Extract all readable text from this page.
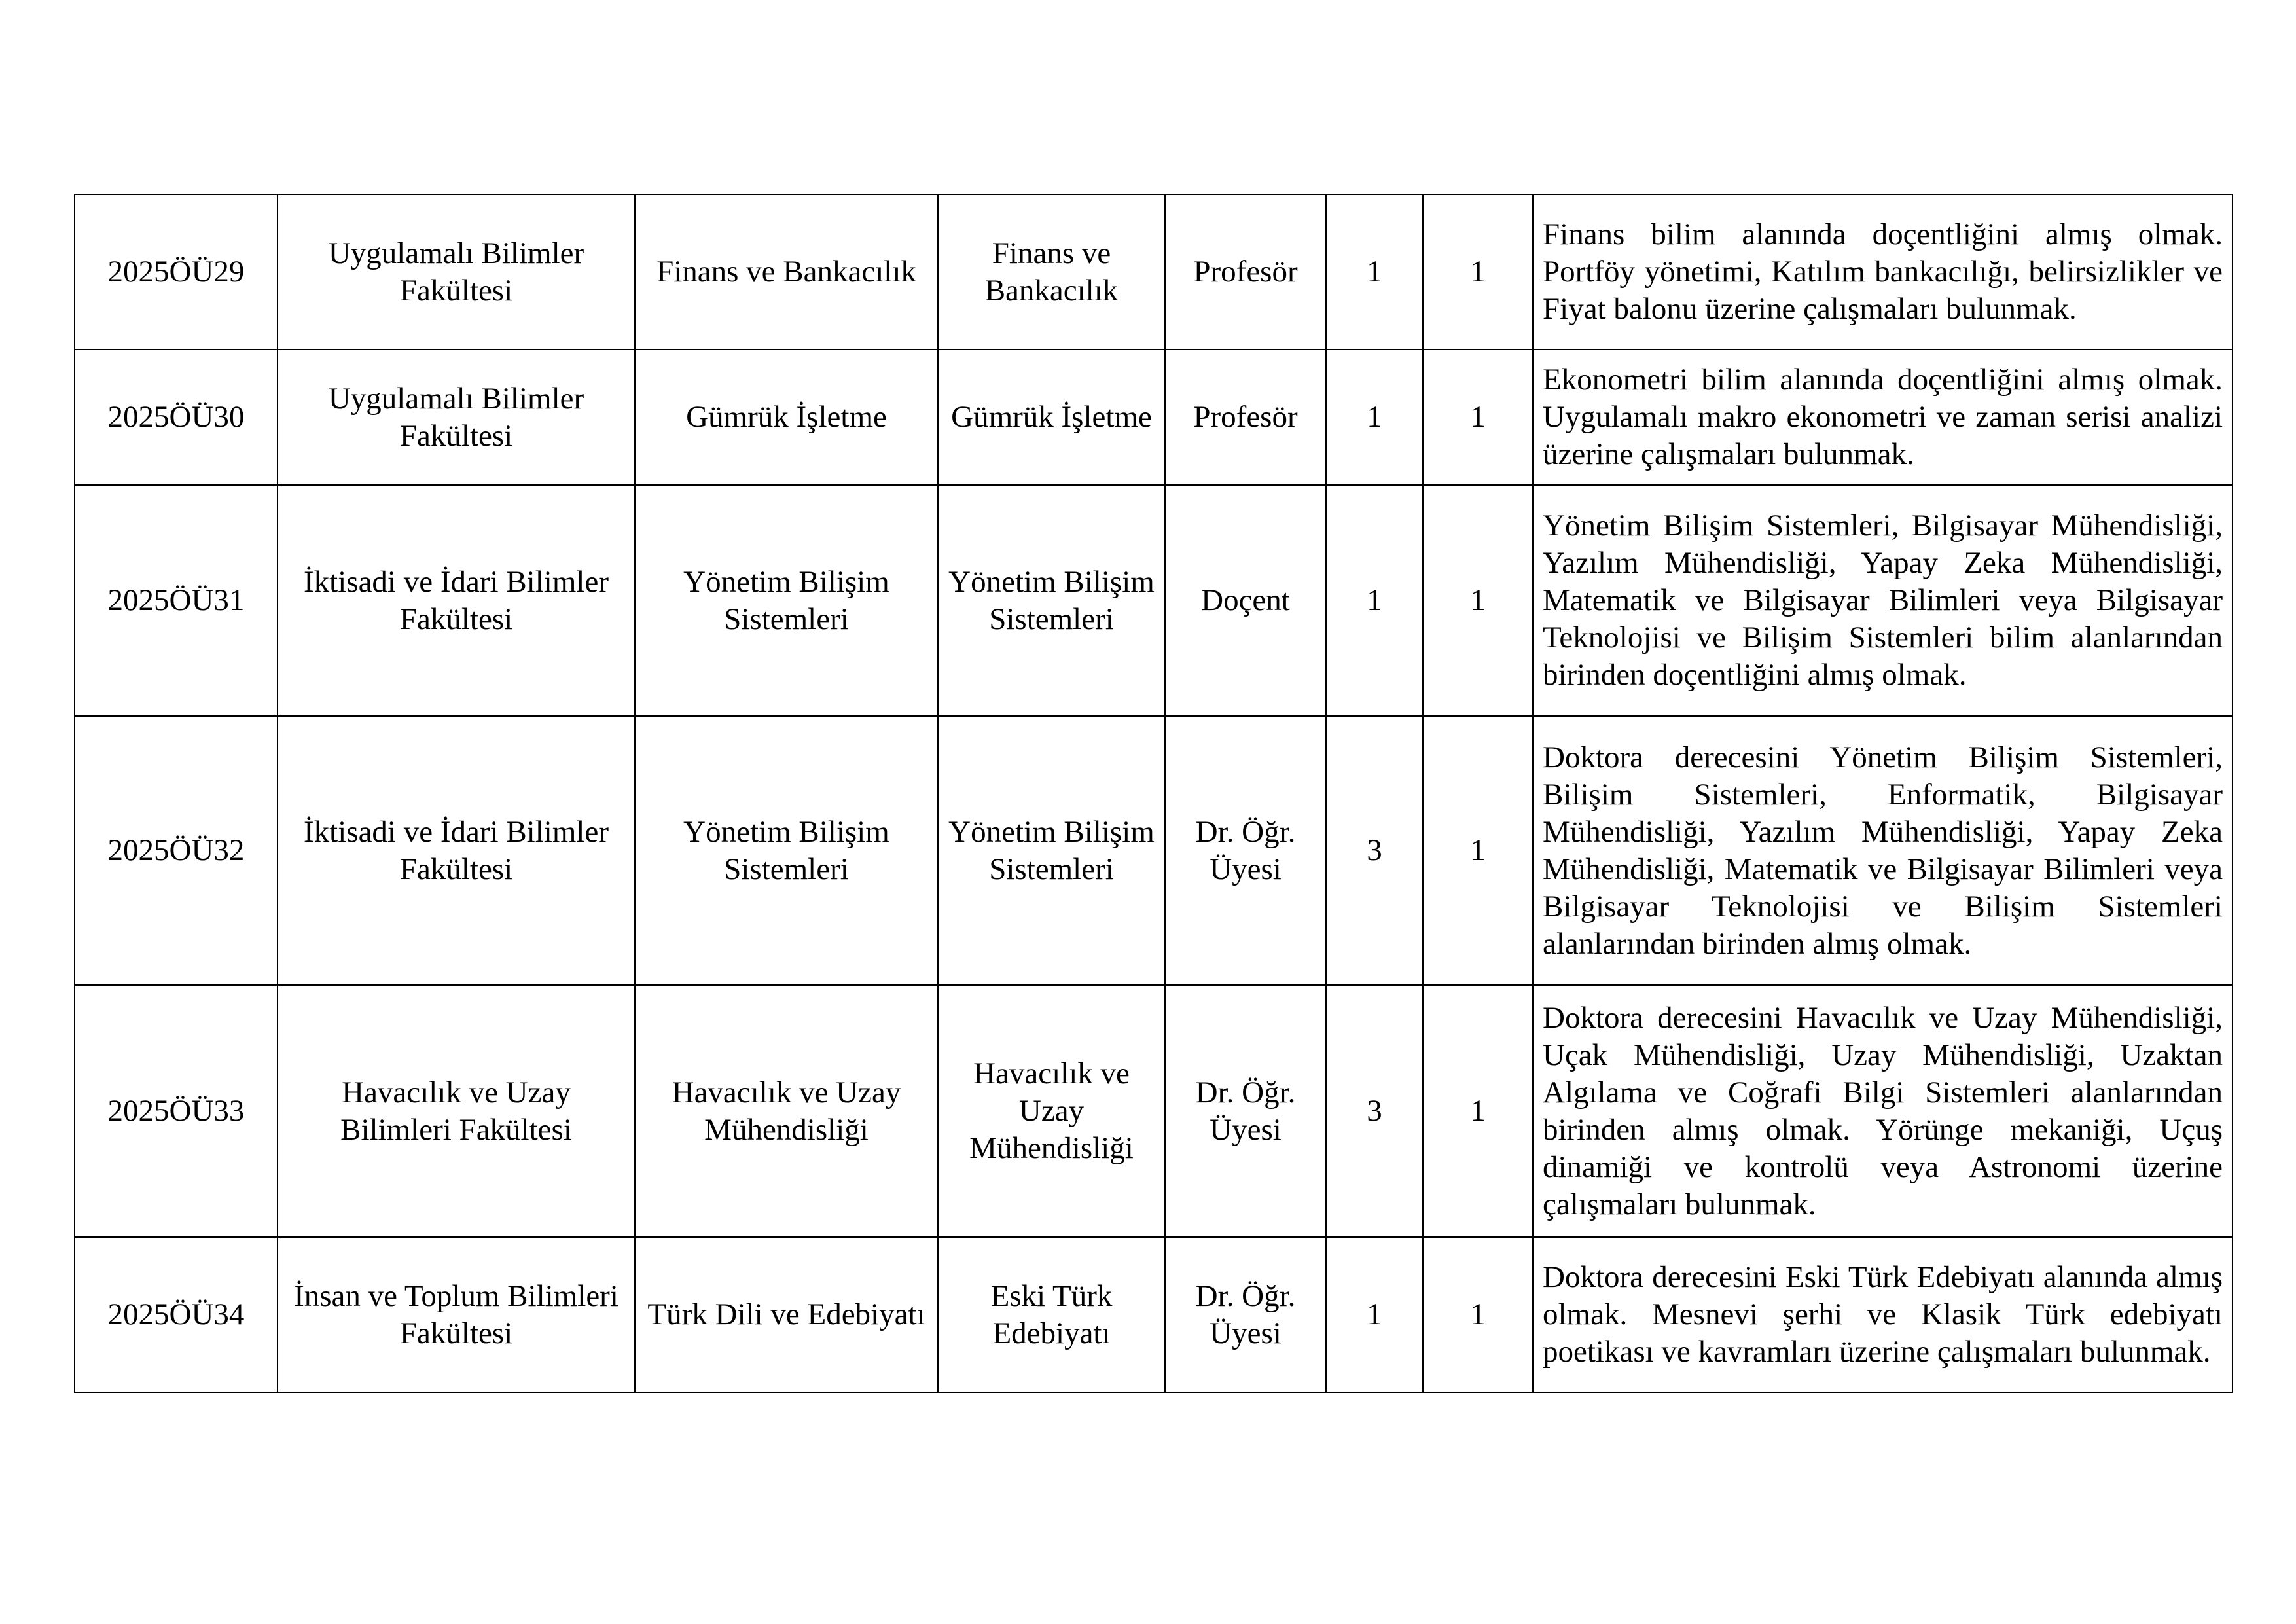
2025ÖÜ29	Uygulamalı Bilimler Fakültesi	Finans ve Bankacılık	Finans ve Bankacılık	Profesör	1	1	Finans bilim alanında doçentliğini almış olmak. Portföy yönetimi, Katılım bankacılığı, belirsizlikler ve Fiyat balonu üzerine çalışmaları bulunmak.
2025ÖÜ30	Uygulamalı Bilimler Fakültesi	Gümrük İşletme	Gümrük İşletme	Profesör	1	1	Ekonometri bilim alanında doçentliğini almış olmak. Uygulamalı makro ekonometri ve zaman serisi analizi üzerine çalışmaları bulunmak.
2025ÖÜ31	İktisadi ve İdari Bilimler Fakültesi	Yönetim Bilişim Sistemleri	Yönetim Bilişim Sistemleri	Doçent	1	1	Yönetim Bilişim Sistemleri, Bilgisayar Mühendisliği, Yazılım Mühendisliği, Yapay Zeka Mühendisliği, Matematik ve Bilgisayar Bilimleri veya Bilgisayar Teknolojisi ve Bilişim Sistemleri bilim alanlarından birinden doçentliğini almış olmak.
2025ÖÜ32	İktisadi ve İdari Bilimler Fakültesi	Yönetim Bilişim Sistemleri	Yönetim Bilişim Sistemleri	Dr. Öğr. Üyesi	3	1	Doktora derecesini Yönetim Bilişim Sistemleri, Bilişim Sistemleri, Enformatik, Bilgisayar Mühendisliği, Yazılım Mühendisliği, Yapay Zeka Mühendisliği, Matematik ve Bilgisayar Bilimleri veya Bilgisayar Teknolojisi ve Bilişim Sistemleri alanlarından birinden almış olmak.
2025ÖÜ33	Havacılık ve Uzay Bilimleri Fakültesi	Havacılık ve Uzay Mühendisliği	Havacılık ve Uzay Mühendisliği	Dr. Öğr. Üyesi	3	1	Doktora derecesini Havacılık ve Uzay Mühendisliği, Uçak Mühendisliği, Uzay Mühendisliği, Uzaktan Algılama ve Coğrafi Bilgi Sistemleri alanlarından birinden almış olmak. Yörünge mekaniği, Uçuş dinamiği ve kontrolü veya Astronomi üzerine çalışmaları bulunmak.
2025ÖÜ34	İnsan ve Toplum Bilimleri Fakültesi	Türk Dili ve Edebiyatı	Eski Türk Edebiyatı	Dr. Öğr. Üyesi	1	1	Doktora derecesini Eski Türk Edebiyatı alanında almış olmak. Mesnevi şerhi ve Klasik Türk edebiyatı poetikası ve kavramları üzerine çalışmaları bulunmak.
